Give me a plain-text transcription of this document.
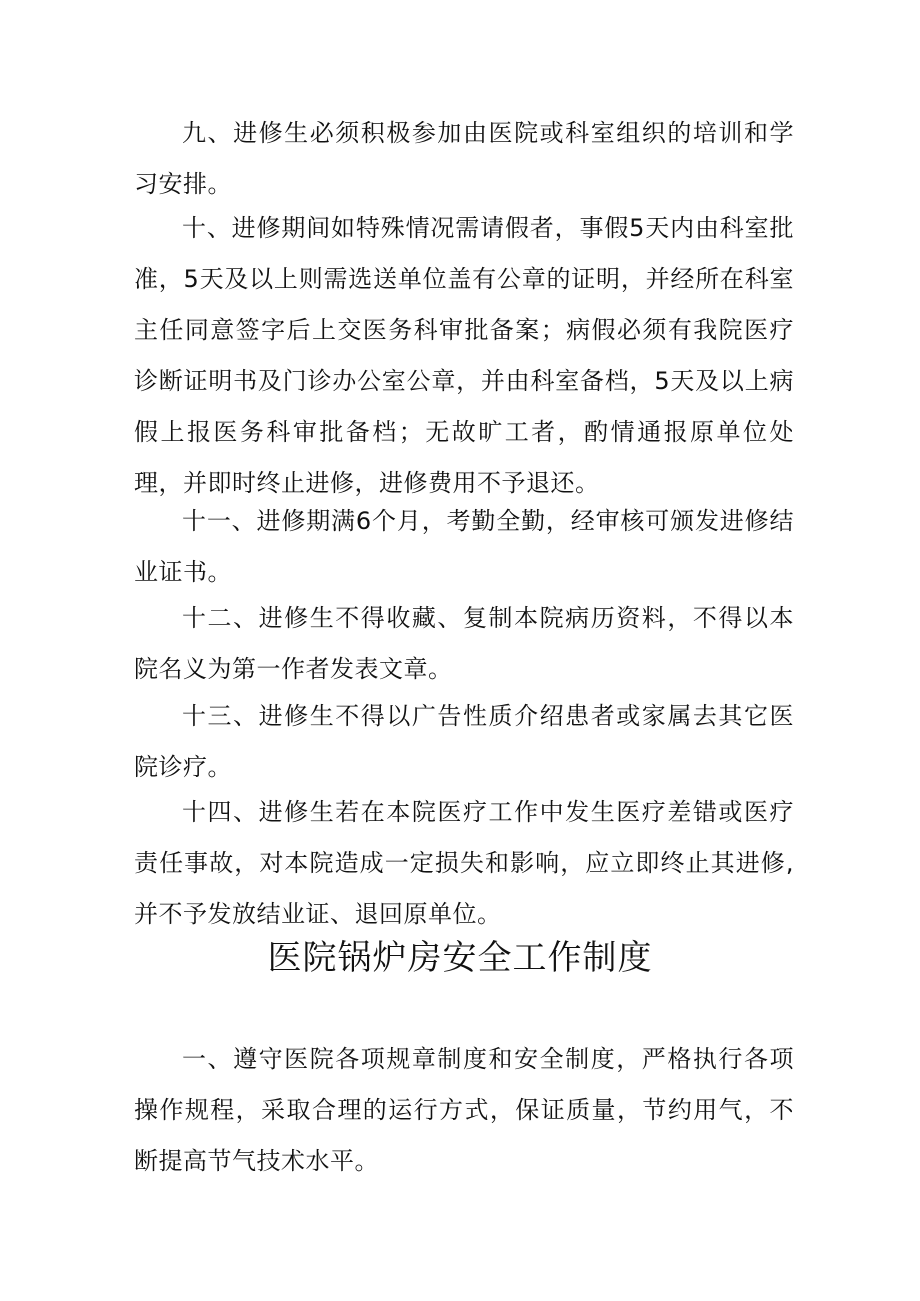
九、进修生必须积极参加由医院或科室组织的培训和学习安排。

十、进修期间如特殊情况需请假者，事假5天内由科室批准，5天及以上则需选送单位盖有公章的证明，并经所在科室主任同意签字后上交医务科审批备案；病假必须有我院医疗诊断证明书及门诊办公室公章，并由科室备档，5天及以上病假上报医务科审批备档；无故旷工者，酌情通报原单位处理，并即时终止进修，进修费用不予退还。

十一、进修期满6个月，考勤全勤，经审核可颁发进修结业证书。

十二、进修生不得收藏、复制本院病历资料，不得以本院名义为第一作者发表文章。

十三、进修生不得以广告性质介绍患者或家属去其它医院诊疗。

十四、进修生若在本院医疗工作中发生医疗差错或医疗责任事故，对本院造成一定损失和影响，应立即终止其进修,并不予发放结业证、退回原单位。

医院锅炉房安全工作制度

一、遵守医院各项规章制度和安全制度，严格执行各项操作规程，采取合理的运行方式，保证质量，节约用气，不断提高节气技术水平。
